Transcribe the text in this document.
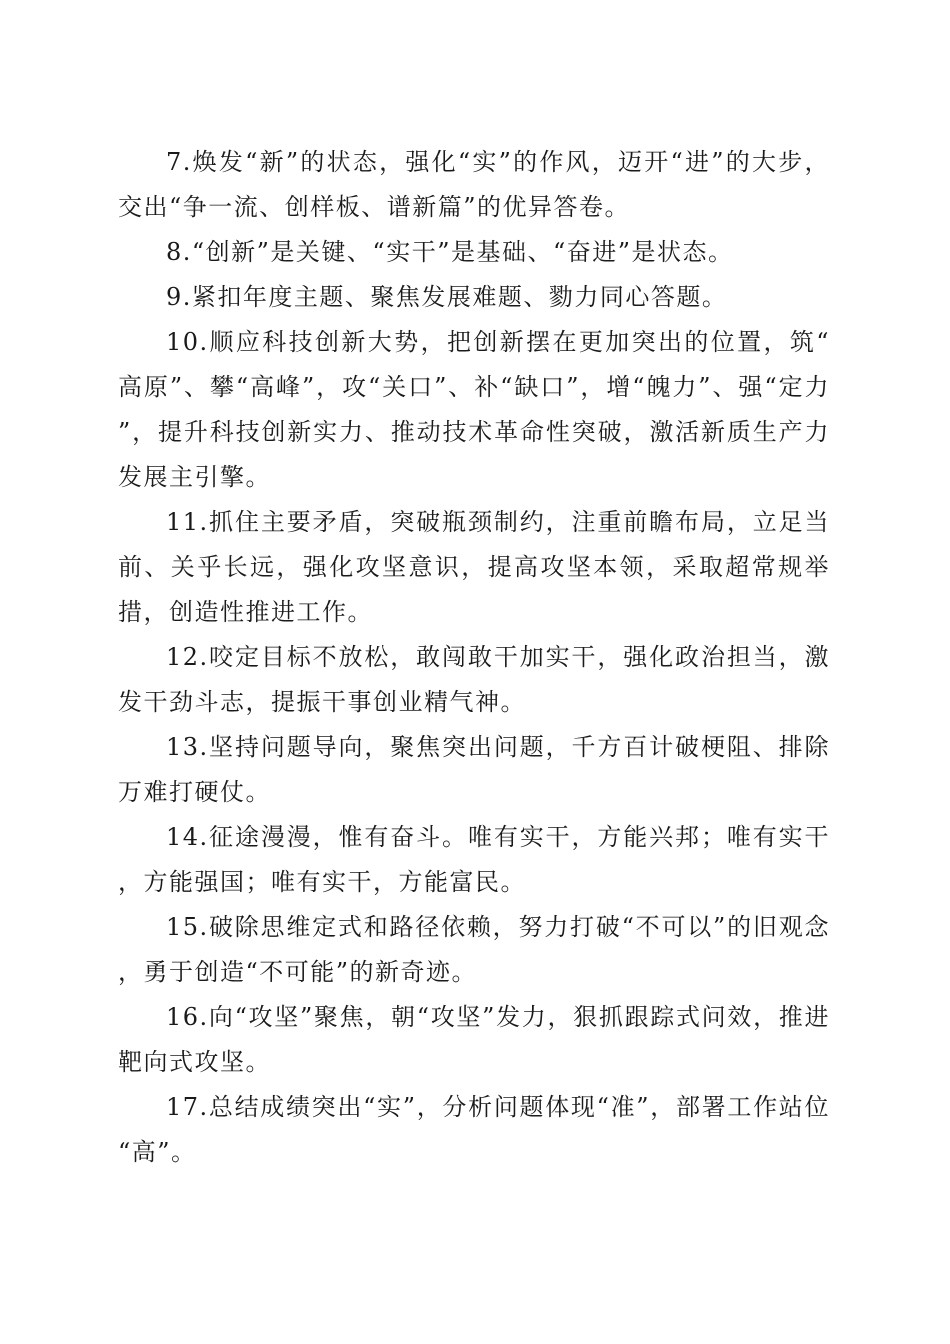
7.焕发“新”的状态，强化“实”的作风，迈开“进”的大步，交出“争一流、创样板、谱新篇”的优异答卷。

8.“创新”是关键、“实干”是基础、“奋进”是状态。

9.紧扣年度主题、聚焦发展难题、勠力同心答题。

10.顺应科技创新大势，把创新摆在更加突出的位置，筑“高原”、攀“高峰”，攻“关口”、补“缺口”，增“魄力”、强“定力”，提升科技创新实力、推动技术革命性突破，激活新质生产力发展主引擎。

11.抓住主要矛盾，突破瓶颈制约，注重前瞻布局，立足当前、关乎长远，强化攻坚意识，提高攻坚本领，采取超常规举措，创造性推进工作。

12.咬定目标不放松，敢闯敢干加实干，强化政治担当，激发干劲斗志，提振干事创业精气神。

13.坚持问题导向，聚焦突出问题，千方百计破梗阻、排除万难打硬仗。

14.征途漫漫，惟有奋斗。唯有实干，方能兴邦；唯有实干，方能强国；唯有实干，方能富民。

15.破除思维定式和路径依赖，努力打破“不可以”的旧观念，勇于创造“不可能”的新奇迹。

16.向“攻坚”聚焦，朝“攻坚”发力，狠抓跟踪式问效，推进靶向式攻坚。

17.总结成绩突出“实”，分析问题体现“准”，部署工作站位“高”。
